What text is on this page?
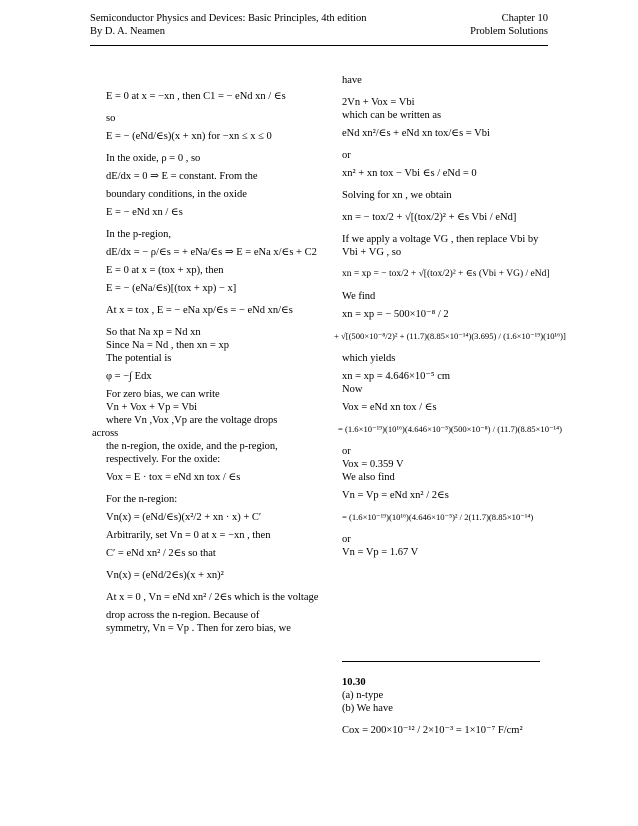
Semiconductor Physics and Devices: Basic Principles, 4th edition
By D. A. Neamen
Chapter 10
Problem Solutions

E = 0 at x = −xn , then C1 = − eNd xn / ∈s

so

E = − (eNd/∈s)(x + xn) for −xn ≤ x ≤ 0

In the oxide, ρ = 0 , so

dE/dx = 0 ⇒ E = constant. From the

boundary conditions, in the oxide

E = − eNd xn / ∈s

In the p-region,

dE/dx = − ρ/∈s = + eNa/∈s ⇒ E = eNa x/∈s + C2

E = 0 at x = (tox + xp), then

E = − (eNa/∈s)[(tox + xp) − x]

At x = tox , E = − eNa xp/∈s = − eNd xn/∈s

So that Na xp = Nd xn

Since Na = Nd , then xn = xp

The potential is

φ = −∫ Edx

For zero bias, we can write

Vn + Vox + Vp = Vbi

where Vn ,Vox ,Vp are the voltage drops

across

the n-region, the oxide, and the p-region,

respectively. For the oxide:

Vox = E · tox = eNd xn tox / ∈s

For the n-region:

Vn(x) = (eNd/∈s)(x²/2 + xn · x) + C′

Arbitrarily, set Vn = 0 at x = −xn , then

C′ = eNd xn² / 2∈s so that

Vn(x) = (eNd/2∈s)(x + xn)²

At x = 0 , Vn = eNd xn² / 2∈s which is the voltage

drop across the n-region. Because of

symmetry, Vn = Vp . Then for zero bias, we

have

2Vn + Vox = Vbi

which can be written as

eNd xn²/∈s + eNd xn tox/∈s = Vbi

or

xn² + xn tox − Vbi ∈s / eNd = 0

Solving for xn , we obtain

xn = − tox/2 + √[(tox/2)² + ∈s Vbi / eNd]

If we apply a voltage VG , then replace Vbi by

Vbi + VG , so

xn = xp = − tox/2 + √[(tox/2)² + ∈s (Vbi + VG) / eNd]

We find

xn = xp = − 500×10⁻⁸ / 2

+ √[(500×10⁻⁸/2)² + (11.7)(8.85×10⁻¹⁴)(3.695) / (1.6×10⁻¹⁹)(10¹⁶)]

which yields

xn = xp = 4.646×10⁻⁵ cm

Now

Vox = eNd xn tox / ∈s

= (1.6×10⁻¹⁹)(10¹⁶)(4.646×10⁻⁵)(500×10⁻⁸) / (11.7)(8.85×10⁻¹⁴)

or

Vox = 0.359 V

We also find

Vn = Vp = eNd xn² / 2∈s

= (1.6×10⁻¹⁹)(10¹⁶)(4.646×10⁻⁵)² / 2(11.7)(8.85×10⁻¹⁴)

or

Vn = Vp = 1.67 V

10.30

(a) n-type

(b) We have

Cox = 200×10⁻¹² / 2×10⁻³ = 1×10⁻⁷ F/cm²
